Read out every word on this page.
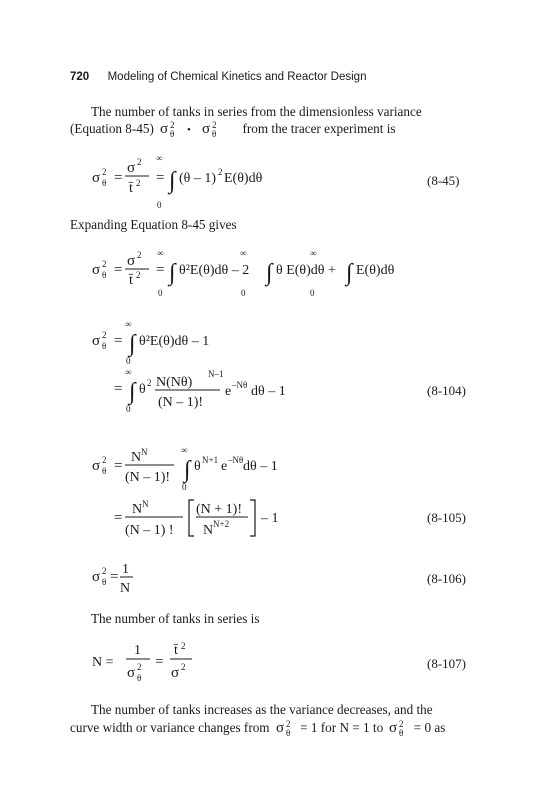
720 Modeling of Chemical Kinetics and Reactor Design
The number of tanks in series from the dimensionless variance
(Equation 8-45) σ 2
θ • σ 2
θ from the tracer experiment is
σ 2
θ =
σ 2
t̄ 2 =
∞
∫
0
(θ – 1) 2 E(θ)dθ	(8-45)
Expanding Equation 8-45 gives
σ 2
θ =
σ 2
t̄ 2 =
∞
∫
0
θ²E(θ)dθ – 2
∞
∫
0
θ E(θ)dθ +
∞
∫
0
E(θ)dθ
σ 2
θ =
∞
∫
0
θ²E(θ)dθ – 1
=
∞
∫
0
θ 2 N(Nθ)
N–1
(N – 1)!
e –Nθ dθ – 1	(8-104)
σ 2
θ =
N N
(N – 1)!
∞
∫
0
θ N+1 e –Nθ dθ – 1
=
N N
(N – 1) !
(N + 1)!
N N+2 – 1	(8-105)
σ 2
θ = 1
N
(8-106)
The number of tanks in series is
N =
1
σ 2
θ
=
t̄ 2
σ 2	(8-107)
The number of tanks increases as the variance decreases, and the
curve width or variance changes from σ 2
θ = 1 for N = 1 to σ 2
θ = 0 as
